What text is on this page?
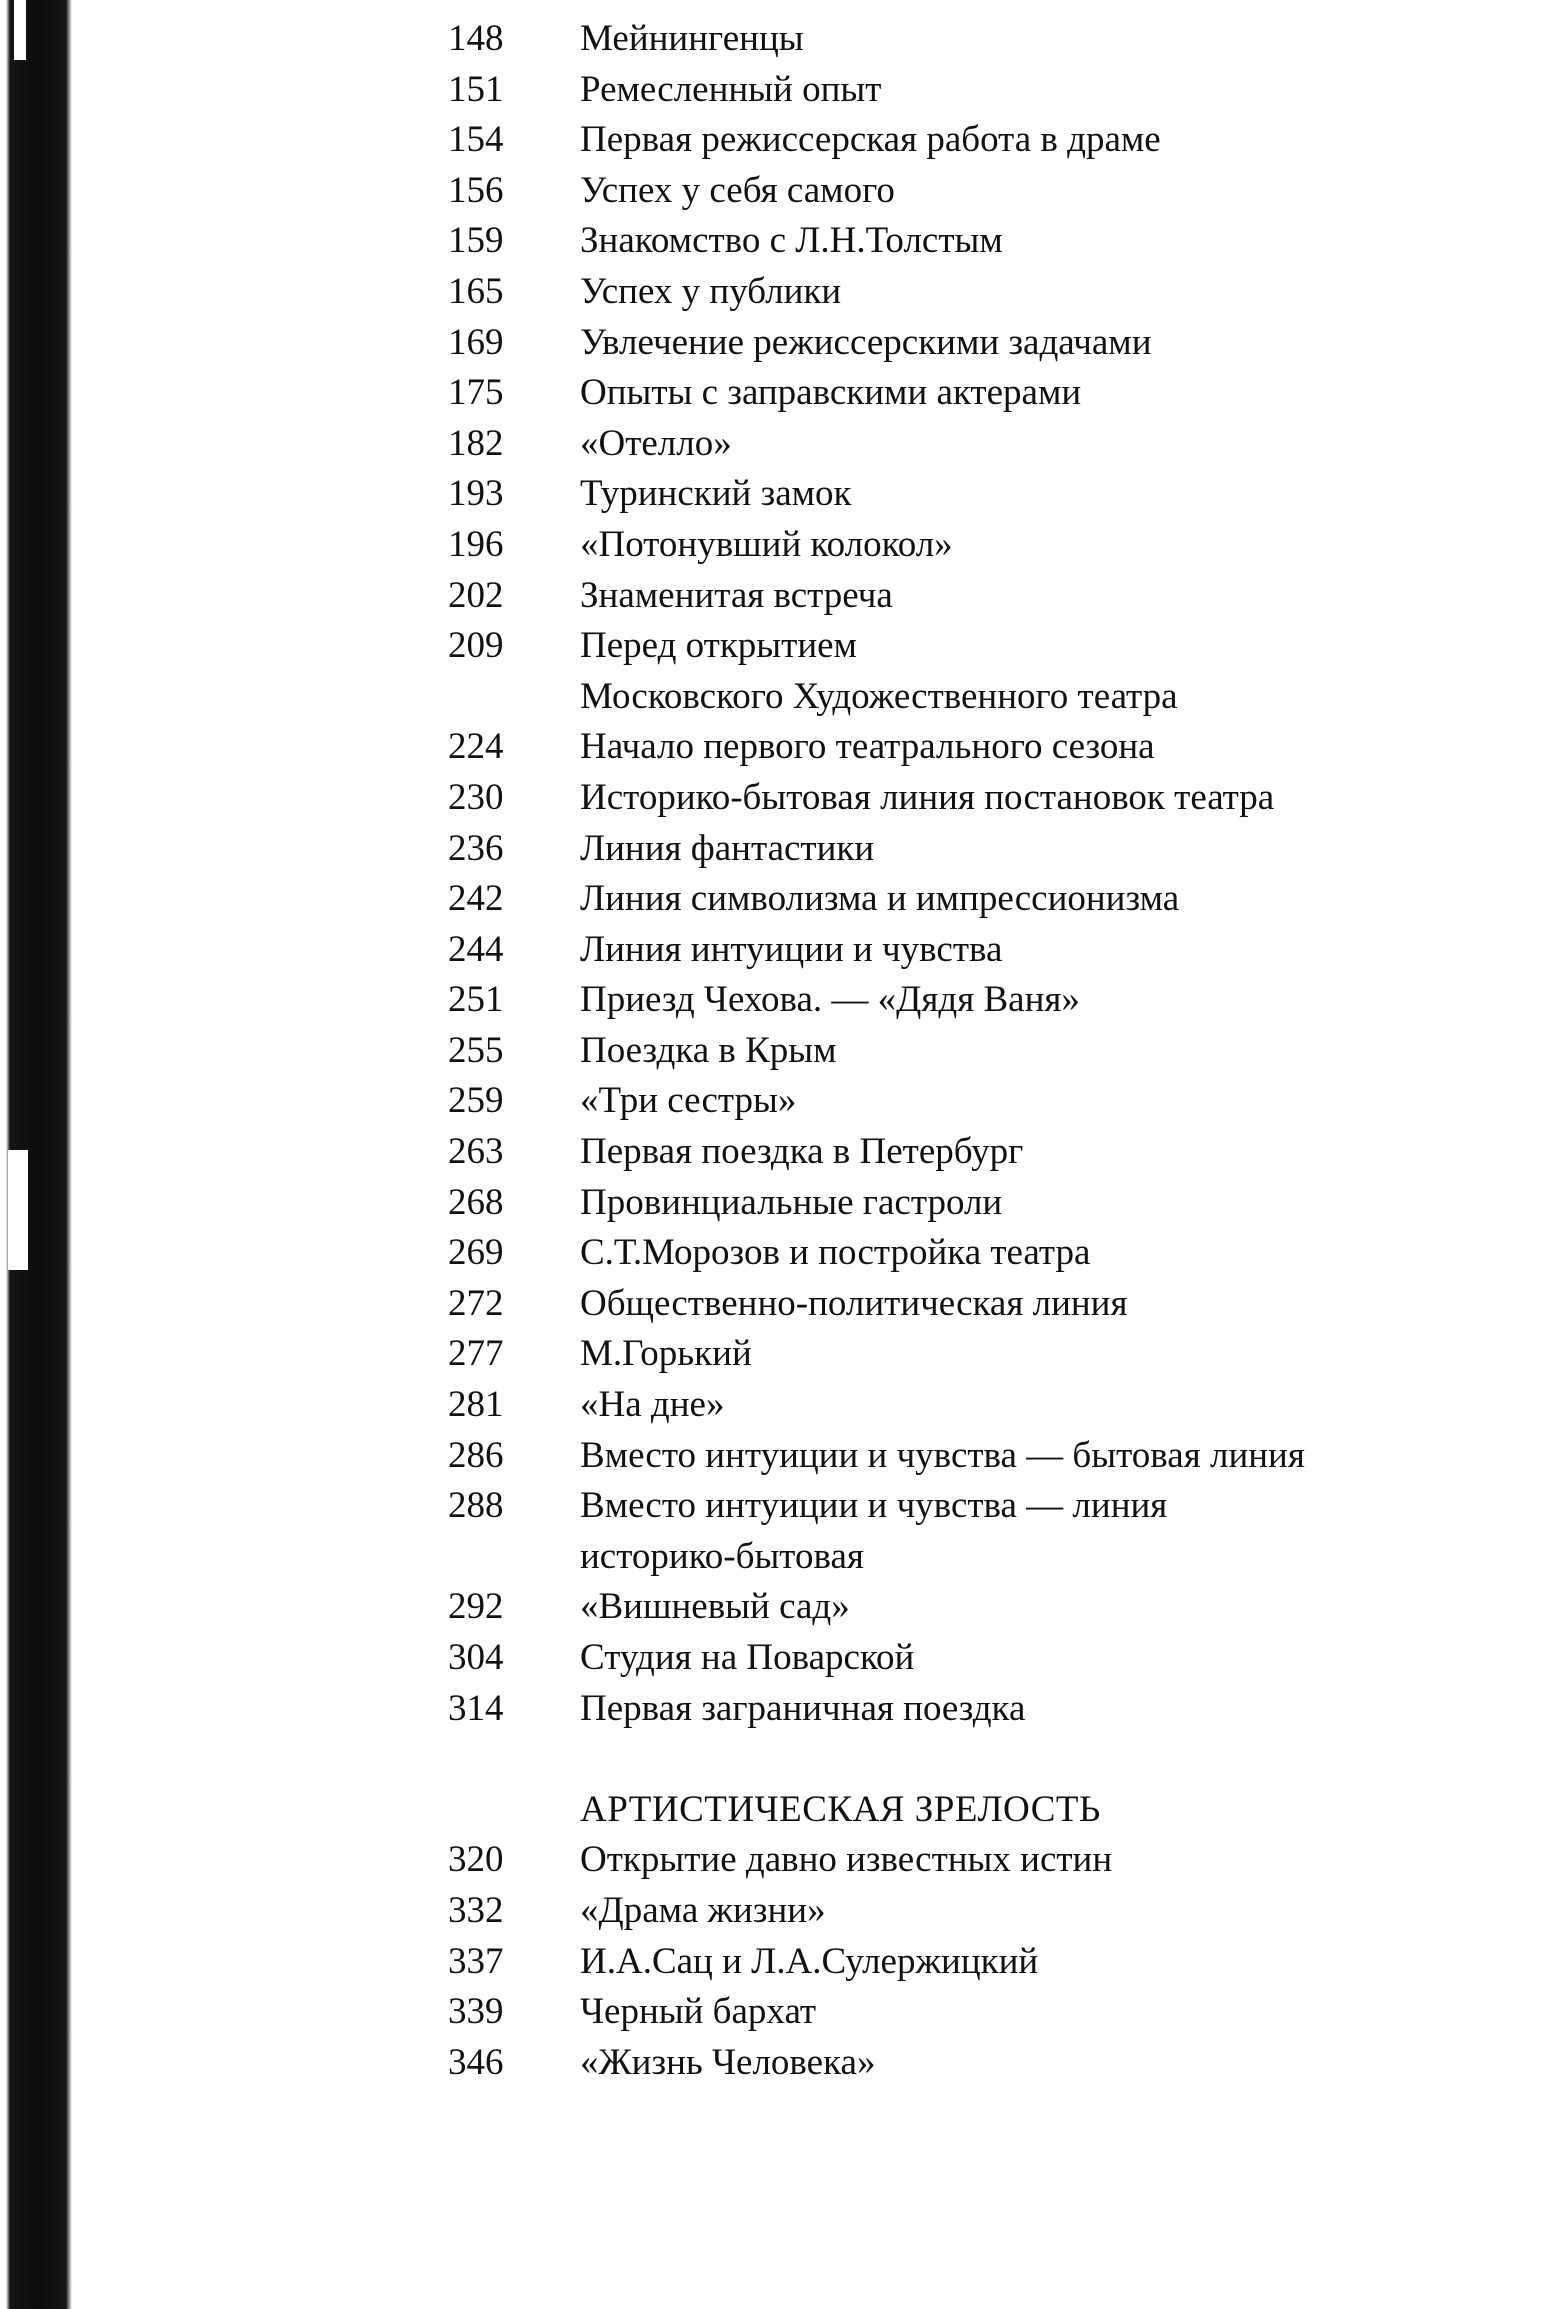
148	Мейнингенцы
151	Ремесленный опыт
154	Первая режиссерская работа в драме
156	Успех у себя самого
159	Знакомство с Л.Н.Толстым
165	Успех у публики
169	Увлечение режиссерскими задачами
175	Опыты с заправскими актерами
182	«Отелло»
193	Туринский замок
196	«Потонувший колокол»
202	Знаменитая встреча
209	Перед открытием
Московского Художественного театра
224	Начало первого театрального сезона
230	Историко-бытовая линия постановок театра
236	Линия фантастики
242	Линия символизма и импрессионизма
244	Линия интуиции и чувства
251	Приезд Чехова. — «Дядя Ваня»
255	Поездка в Крым
259	«Три сестры»
263	Первая поездка в Петербург
268	Провинциальные гастроли
269	С.Т.Морозов и постройка театра
272	Общественно-политическая линия
277	М.Горький
281	«На дне»
286	Вместо интуиции и чувства — бытовая линия
288	Вместо интуиции и чувства — линия
историко-бытовая
292	«Вишневый сад»
304	Студия на Поварской
314	Первая заграничная поездка
АРТИСТИЧЕСКАЯ ЗРЕЛОСТЬ
320	Открытие давно известных истин
332	«Драма жизни»
337	И.А.Сац и Л.А.Сулержицкий
339	Черный бархат
346	«Жизнь Человека»
